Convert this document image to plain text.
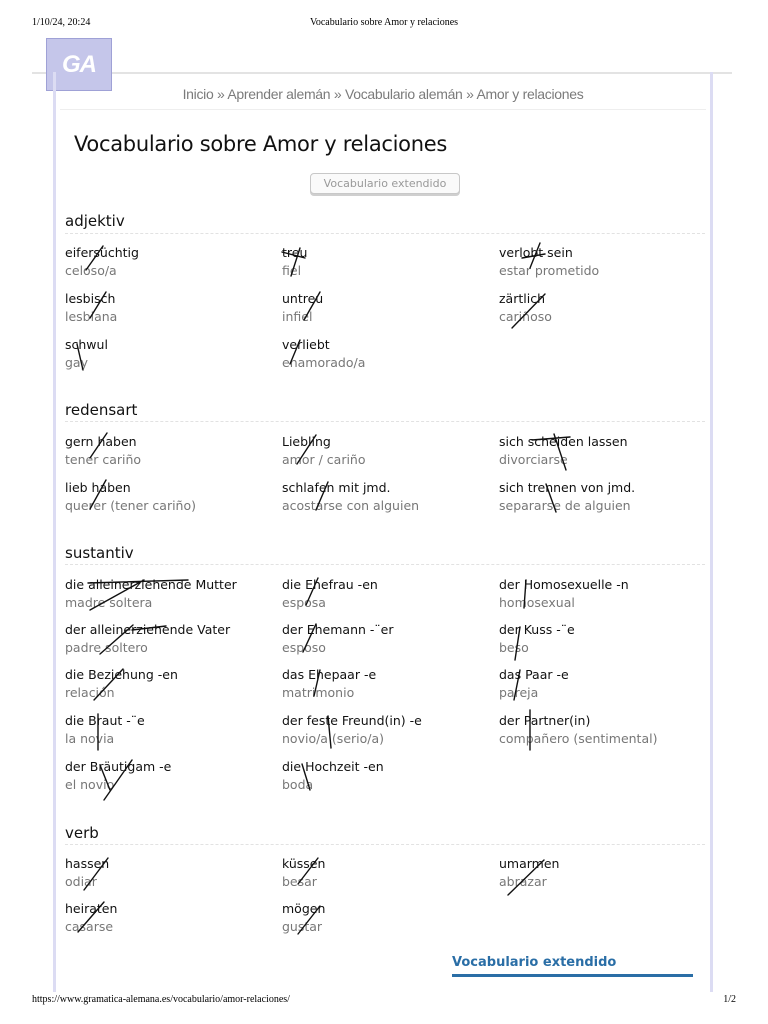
1/10/24, 20:24	Vocabulario sobre Amor y relaciones
GA
Inicio » Aprender alemán » Vocabulario alemán » Amor y relaciones
Vocabulario sobre Amor y relaciones
Vocabulario extendido
adjektiv
eifersüchtig
celoso/a
treu
fiel
verlobt sein
estar prometido
lesbisch
lesbiana
untreu
infiel
zärtlich
cariñoso
schwul
gay
verliebt
enamorado/a
redensart
gern haben
tener cariño
Liebling
amor / cariño
sich scheiden lassen
divorciarse
lieb haben
querer (tener cariño)
schlafen mit jmd.
acostarse con alguien
sich trennen von jmd.
separarse de alguien
sustantiv
die alleinerziehende Mutter
madre soltera
die Ehefrau -en
esposa
der Homosexuelle -n
homosexual
der alleinerziehende Vater
padre soltero
der Ehemann -¨er
esposo
der Kuss -¨e
beso
die Beziehung -en
relación
das Ehepaar -e
matrimonio
das Paar -e
pareja
die Braut -¨e
la novia
der feste Freund(in) -e
novio/a (serio/a)
der Partner(in)
compañero (sentimental)
der Bräutigam -e
el novio
die Hochzeit -en
boda
verb
hassen
odiar
küssen
besar
umarmen
abrazar
heiraten
casarse
mögen
gustar
Vocabulario extendido
https://www.gramatica-alemana.es/vocabulario/amor-relaciones/	1/2
